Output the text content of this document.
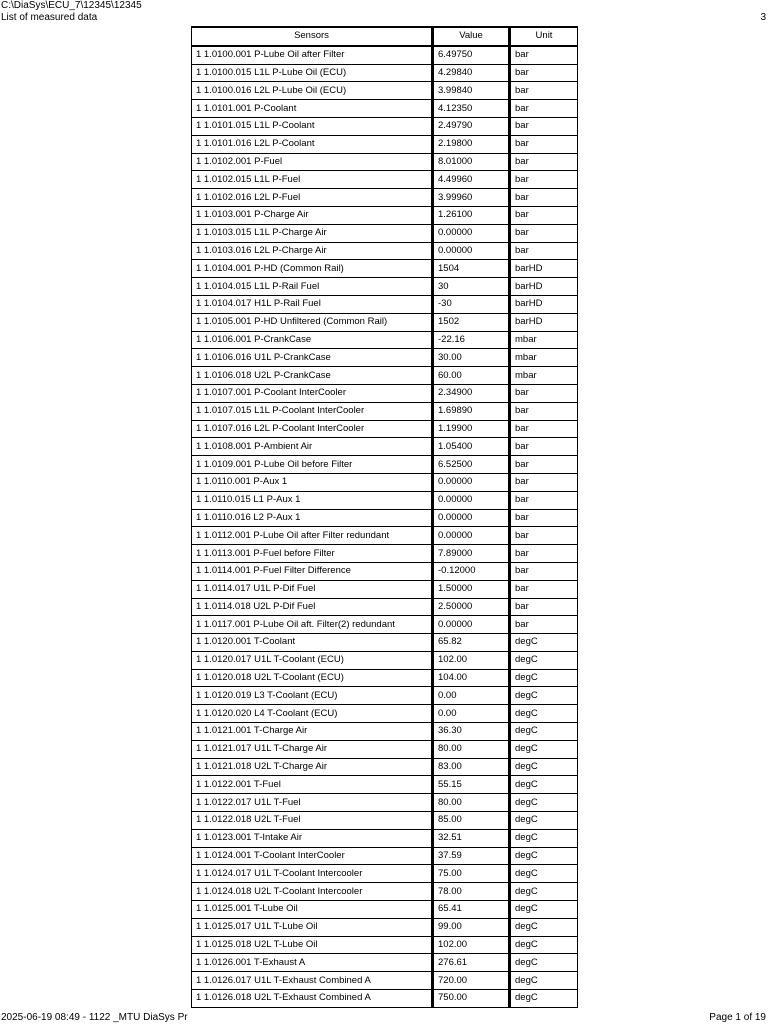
C:\DiaSys\ECU_7\12345\12345
List of measured data	3
Sensors	Value	Unit
1 1.0100.001 P-Lube Oil after Filter	6.49750	bar
1 1.0100.015 L1L P-Lube Oil (ECU)	4.29840	bar
1 1.0100.016 L2L P-Lube Oil (ECU)	3.99840	bar
1 1.0101.001 P-Coolant	4.12350	bar
1 1.0101.015 L1L P-Coolant	2.49790	bar
1 1.0101.016 L2L P-Coolant	2.19800	bar
1 1.0102.001 P-Fuel	8.01000	bar
1 1.0102.015 L1L P-Fuel	4.49960	bar
1 1.0102.016 L2L P-Fuel	3.99960	bar
1 1.0103.001 P-Charge Air	1.26100	bar
1 1.0103.015 L1L P-Charge Air	0.00000	bar
1 1.0103.016 L2L P-Charge Air	0.00000	bar
1 1.0104.001 P-HD (Common Rail)	1504	barHD
1 1.0104.015 L1L P-Rail Fuel	30	barHD
1 1.0104.017 H1L P-Rail Fuel	-30	barHD
1 1.0105.001 P-HD Unfiltered (Common Rail)	1502	barHD
1 1.0106.001 P-CrankCase	-22.16	mbar
1 1.0106.016 U1L P-CrankCase	30.00	mbar
1 1.0106.018 U2L P-CrankCase	60.00	mbar
1 1.0107.001 P-Coolant InterCooler	2.34900	bar
1 1.0107.015 L1L P-Coolant InterCooler	1.69890	bar
1 1.0107.016 L2L P-Coolant InterCooler	1.19900	bar
1 1.0108.001 P-Ambient Air	1.05400	bar
1 1.0109.001 P-Lube Oil before Filter	6.52500	bar
1 1.0110.001 P-Aux 1	0.00000	bar
1 1.0110.015 L1 P-Aux 1	0.00000	bar
1 1.0110.016 L2 P-Aux 1	0.00000	bar
1 1.0112.001 P-Lube Oil after Filter redundant	0.00000	bar
1 1.0113.001 P-Fuel before Filter	7.89000	bar
1 1.0114.001 P-Fuel Filter Difference	-0.12000	bar
1 1.0114.017 U1L P-Dif Fuel	1.50000	bar
1 1.0114.018 U2L P-Dif Fuel	2.50000	bar
1 1.0117.001 P-Lube Oil aft. Filter(2) redundant	0.00000	bar
1 1.0120.001 T-Coolant	65.82	degC
1 1.0120.017 U1L T-Coolant (ECU)	102.00	degC
1 1.0120.018 U2L T-Coolant (ECU)	104.00	degC
1 1.0120.019 L3 T-Coolant (ECU)	0.00	degC
1 1.0120.020 L4 T-Coolant (ECU)	0.00	degC
1 1.0121.001 T-Charge Air	36.30	degC
1 1.0121.017 U1L T-Charge Air	80.00	degC
1 1.0121.018 U2L T-Charge Air	83.00	degC
1 1.0122.001 T-Fuel	55.15	degC
1 1.0122.017 U1L T-Fuel	80.00	degC
1 1.0122.018 U2L T-Fuel	85.00	degC
1 1.0123.001 T-Intake Air	32.51	degC
1 1.0124.001 T-Coolant InterCooler	37.59	degC
1 1.0124.017 U1L T-Coolant Intercooler	75.00	degC
1 1.0124.018 U2L T-Coolant Intercooler	78.00	degC
1 1.0125.001 T-Lube Oil	65.41	degC
1 1.0125.017 U1L T-Lube Oil	99.00	degC
1 1.0125.018 U2L T-Lube Oil	102.00	degC
1 1.0126.001 T-Exhaust A	276.61	degC
1 1.0126.017 U1L T-Exhaust Combined A	720.00	degC
1 1.0126.018 U2L T-Exhaust Combined A	750.00	degC
2025-06-19 08:49 - 1122 _MTU DiaSys Pr	Page 1 of 19
